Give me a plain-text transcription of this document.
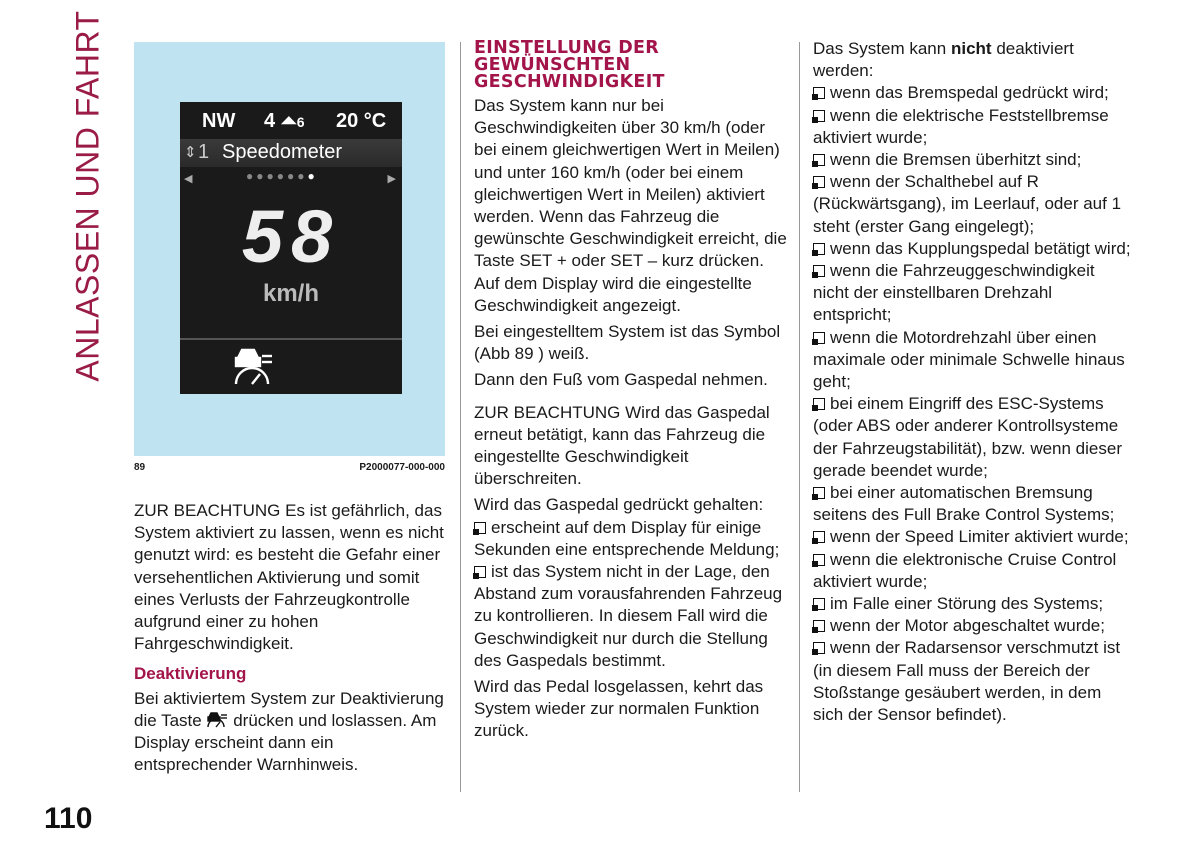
ANLASSEN UND FAHRT
110
NW 4 ⏶6 20 °C
⇕ 1 Speedometer
◀	●●●●●●●	▶
58
km/h
89	P2000077-000-000

ZUR BEACHTUNG Es ist gefährlich, das System aktiviert zu lassen, wenn es nicht genutzt wird: es besteht die Gefahr einer versehentlichen Aktivierung und somit eines Verlusts der Fahrzeugkontrolle aufgrund einer zu hohen Fahrgeschwindigkeit.

Deaktivierung

Bei aktiviertem System zur Deaktivierung die Taste drücken und loslassen. Am Display erscheint dann ein entsprechender Warnhinweis.

EINSTELLUNG DER GEWÜNSCHTEN GESCHWINDIGKEIT

Das System kann nur bei Geschwindigkeiten über 30 km/h (oder bei einem gleichwertigen Wert in Meilen) und unter 160 km/h (oder bei einem gleichwertigen Wert in Meilen) aktiviert werden. Wenn das Fahrzeug die gewünschte Geschwindigkeit erreicht, die Taste SET + oder SET – kurz drücken. Auf dem Display wird die eingestellte Geschwindigkeit angezeigt.

Bei eingestelltem System ist das Symbol (Abb 89 ) weiß.

Dann den Fuß vom Gaspedal nehmen.

ZUR BEACHTUNG Wird das Gaspedal erneut betätigt, kann das Fahrzeug die eingestellte Geschwindigkeit überschreiten.

Wird das Gaspedal gedrückt gehalten:

erscheint auf dem Display für einige Sekunden eine entsprechende Meldung;

ist das System nicht in der Lage, den Abstand zum vorausfahrenden Fahrzeug zu kontrollieren. In diesem Fall wird die Geschwindigkeit nur durch die Stellung des Gaspedals bestimmt.

Wird das Pedal losgelassen, kehrt das System wieder zur normalen Funktion zurück.

Das System kann nicht deaktiviert werden:

wenn das Bremspedal gedrückt wird;

wenn die elektrische Feststellbremse aktiviert wurde;

wenn die Bremsen überhitzt sind;

wenn der Schalthebel auf R (Rückwärtsgang), im Leerlauf, oder auf 1 steht (erster Gang eingelegt);

wenn das Kupplungspedal betätigt wird;

wenn die Fahrzeuggeschwindigkeit nicht der einstellbaren Drehzahl entspricht;

wenn die Motordrehzahl über einen maximale oder minimale Schwelle hinaus geht;

bei einem Eingriff des ESC-Systems (oder ABS oder anderer Kontrollsysteme der Fahrzeugstabilität), bzw. wenn dieser gerade beendet wurde;

bei einer automatischen Bremsung seitens des Full Brake Control Systems;

wenn der Speed Limiter aktiviert wurde;

wenn die elektronische Cruise Control aktiviert wurde;

im Falle einer Störung des Systems;

wenn der Motor abgeschaltet wurde;

wenn der Radarsensor verschmutzt ist (in diesem Fall muss der Bereich der Stoßstange gesäubert werden, in dem sich der Sensor befindet).
